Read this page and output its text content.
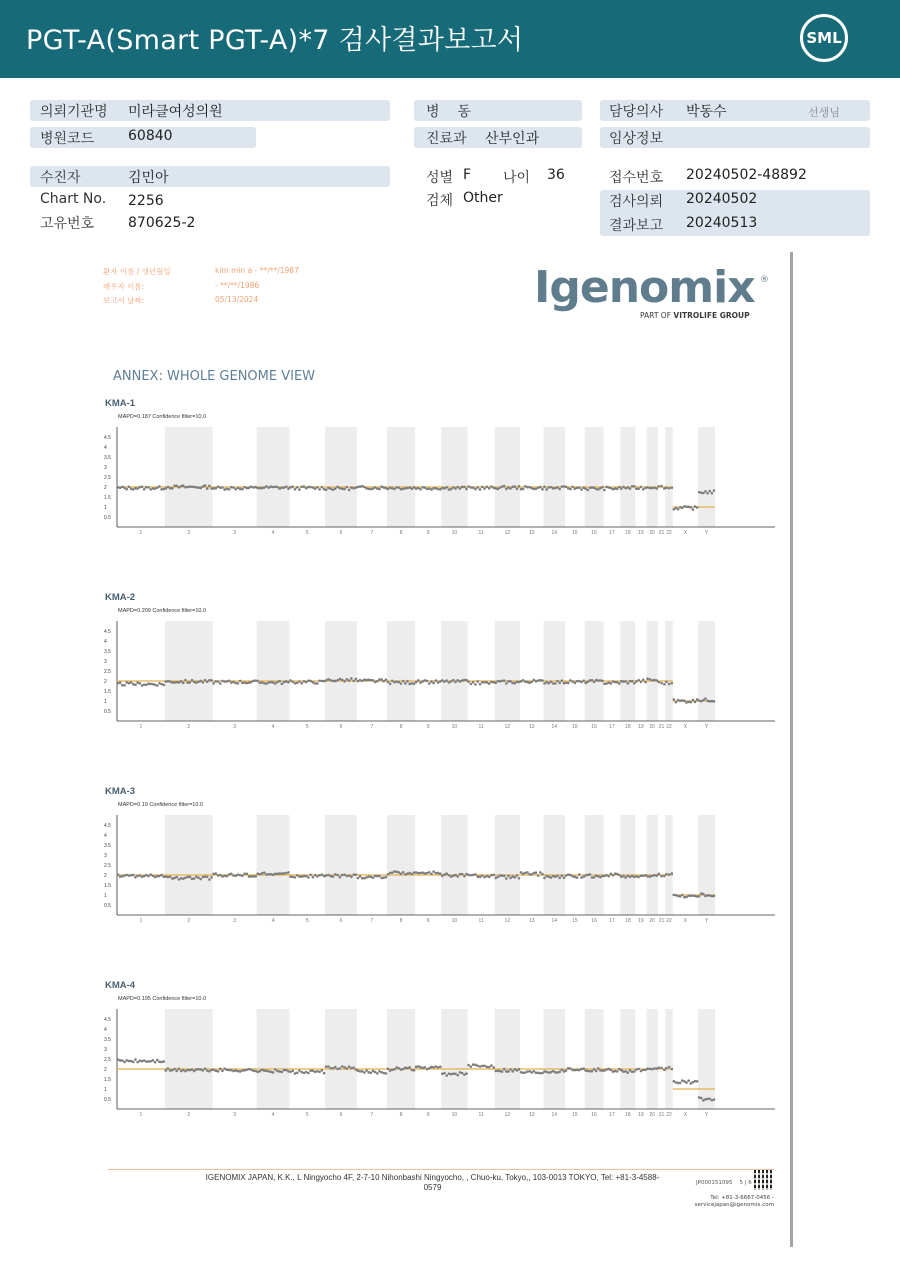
PGT-A(Smart PGT-A)*7 검사결과보고서	SML
의뢰기관명 미라클여성의원
병원코드 60840
병    동
진료과 산부인과
담당의사 박동수	선생님
임상정보
수진자	김민아
Chart No. 2256
고유번호 870625-2
성별 F 나이 36
검체 Other
접수번호 20240502-48892
검사의뢰 20240502
결과보고 20240513
환자 이름 / 생년월일	kim min a - **/**/1987
배우자 이름:	- **/**/1986
보고서 날짜:	05/13/2024	Igenomix ®
PART OF VITROLIFE GROUP
ANNEX: WHOLE GENOME VIEW
KMA-1
MAPD=0.187 Confidence filter=10.0
4.5
4
3.5
3
2.5
2
1.5
1
0.5
1	2	3	4	5	6	7	8	9	10	11	12	13	14	15	16 17 18 19 20 21 22 X	Y
KMA-2
MAPD=0.209 Confidence filter=10.0
4.5
4
3.5
3
2.5
2
1.5
1
0.5
1	2	3	4	5	6	7	8	9	10	11	12	13	14	15	16 17 18 19 20 21 22 X	Y
KMA-3
MAPD=0.19 Confidence filter=10.0
4.5
4
3.5
3
2.5
2
1.5
1
0.5
1	2	3	4	5	6	7	8	9	10	11	12	13	14	15	16 17 18 19 20 21 22 X	Y
KMA-4
MAPD=0.195 Confidence filter=10.0
4.5
4
3.5
3
2.5
2
1.5
1
0.5
1	2	3	4	5	6	7	8	9	10	11	12	13	14	15	16 17 18 19 20 21 22 X	Y
IGENOMIX JAPAN, K.K., L Ningyocho 4F, 2-7-10 Nihonbashi Ningyocho, , Chuo-ku, Tokyo,, 103-0013 TOKYO, Tel: +81-3-4588-0579	JP000151095 5 | 6
Tel: +81-3-6667-0456 - servicejapan@igenomix.com
